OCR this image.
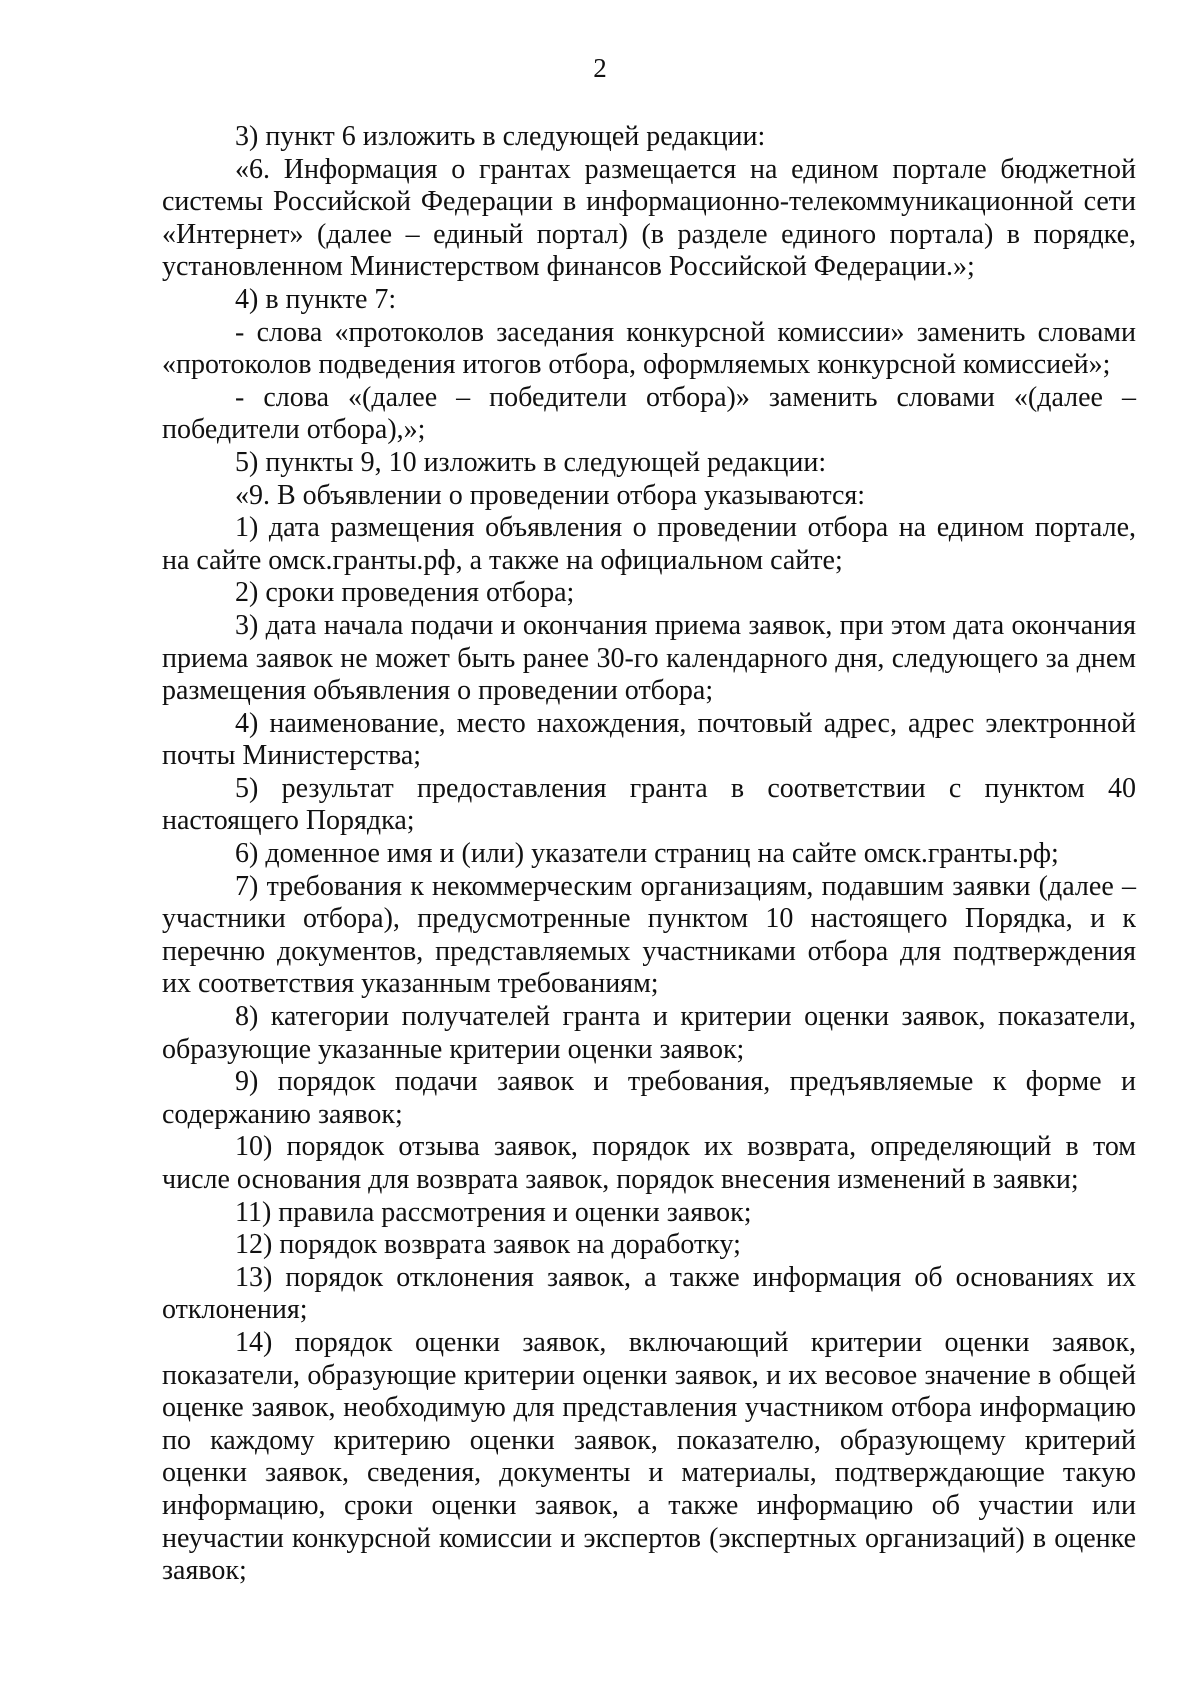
2

3) пункт 6 изложить в следующей редакции:

«6. Информация о грантах размещается на едином портале бюджетной системы Российской Федерации в информационно-телекоммуникационной сети «Интернет» (далее – единый портал) (в разделе единого портала) в порядке, установленном Министерством финансов Российской Федерации.»;

4) в пункте 7:

- слова «протоколов заседания конкурсной комиссии» заменить словами «протоколов подведения итогов отбора, оформляемых конкурсной комиссией»;

- слова «(далее – победители отбора)» заменить словами «(далее – победители отбора),»;

5) пункты 9, 10 изложить в следующей редакции:

«9. В объявлении о проведении отбора указываются:

1) дата размещения объявления о проведении отбора на едином портале, на сайте омск.гранты.рф, а также на официальном сайте;

2) сроки проведения отбора;

3) дата начала подачи и окончания приема заявок, при этом дата окончания приема заявок не может быть ранее 30-го календарного дня, следующего за днем размещения объявления о проведении отбора;

4) наименование, место нахождения, почтовый адрес, адрес электронной почты Министерства;

5) результат предоставления гранта в соответствии с пунктом 40 настоящего Порядка;

6) доменное имя и (или) указатели страниц на сайте омск.гранты.рф;

7) требования к некоммерческим организациям, подавшим заявки (далее – участники отбора), предусмотренные пунктом 10 настоящего Порядка, и к перечню документов, представляемых участниками отбора для подтверждения их соответствия указанным требованиям;

8) категории получателей гранта и критерии оценки заявок, показатели, образующие указанные критерии оценки заявок;

9) порядок подачи заявок и требования, предъявляемые к форме и содержанию заявок;

10) порядок отзыва заявок, порядок их возврата, определяющий в том числе основания для возврата заявок, порядок внесения изменений в заявки;

11) правила рассмотрения и оценки заявок;

12) порядок возврата заявок на доработку;

13) порядок отклонения заявок, а также информация об основаниях их отклонения;

14) порядок оценки заявок, включающий критерии оценки заявок, показатели, образующие критерии оценки заявок, и их весовое значение в общей оценке заявок, необходимую для представления участником отбора информацию по каждому критерию оценки заявок, показателю, образующему критерий оценки заявок, сведения, документы и материалы, подтверждающие такую информацию, сроки оценки заявок, а также информацию об участии или неучастии конкурсной комиссии и экспертов (экспертных организаций) в оценке заявок;
